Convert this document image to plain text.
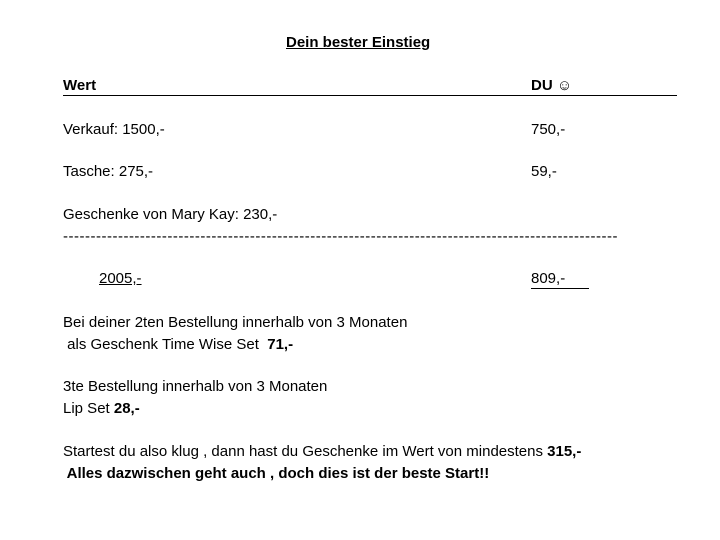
Dein bester Einstieg
Wert	DU ☺
Verkauf: 1500,-	750,-
Tasche: 275,-	59,-
Geschenke von Mary Kay: 230,-
-----------------------------------------------------------------------------------------------------
2005,-	809,-
Bei deiner 2ten Bestellung innerhalb von 3 Monaten
als Geschenk Time Wise Set  71,-
3te Bestellung innerhalb von 3 Monaten
Lip Set 28,-
Startest du also klug , dann hast du Geschenke im Wert von mindestens 315,-
Alles dazwischen geht auch , doch dies ist der beste Start!!
